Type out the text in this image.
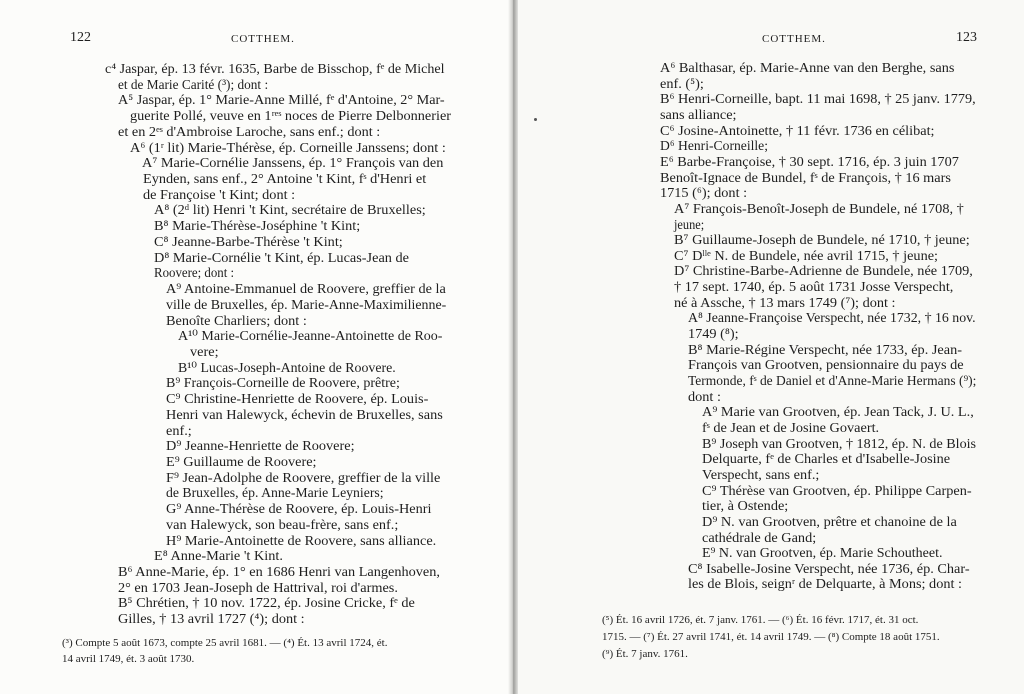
122	COTTHEM.
c⁴ Jaspar, ép. 13 févr. 1635, Barbe de Bisschop, fᵉ de Michel
et de Marie Carité (³); dont :
A⁵ Jaspar, ép. 1° Marie-Anne Millé, fᵉ d'Antoine, 2° Mar-
guerite Pollé, veuve en 1ʳᵉˢ noces de Pierre Delbonnerier
et en 2ᵉˢ d'Ambroise Laroche, sans enf.; dont :
A⁶ (1ʳ lit) Marie-Thérèse, ép. Corneille Janssens; dont :
A⁷ Marie-Cornélie Janssens, ép. 1° François van den
Eynden, sans enf., 2° Antoine 't Kint, fˢ d'Henri et
de Françoise 't Kint; dont :
A⁸ (2ᵈ lit) Henri 't Kint, secrétaire de Bruxelles;
B⁸ Marie-Thérèse-Joséphine 't Kint;
C⁸ Jeanne-Barbe-Thérèse 't Kint;
D⁸ Marie-Cornélie 't Kint, ép. Lucas-Jean de
Roovere; dont :
A⁹ Antoine-Emmanuel de Roovere, greffier de la
ville de Bruxelles, ép. Marie-Anne-Maximilienne-
Benoîte Charliers; dont :
A¹⁰ Marie-Cornélie-Jeanne-Antoinette de Roo-
vere;
B¹⁰ Lucas-Joseph-Antoine de Roovere.
B⁹ François-Corneille de Roovere, prêtre;
C⁹ Christine-Henriette de Roovere, ép. Louis-
Henri van Halewyck, échevin de Bruxelles, sans
enf.;
D⁹ Jeanne-Henriette de Roovere;
E⁹ Guillaume de Roovere;
F⁹ Jean-Adolphe de Roovere, greffier de la ville
de Bruxelles, ép. Anne-Marie Leyniers;
G⁹ Anne-Thérèse de Roovere, ép. Louis-Henri
van Halewyck, son beau-frère, sans enf.;
H⁹ Marie-Antoinette de Roovere, sans alliance.
E⁸ Anne-Marie 't Kint.
B⁶ Anne-Marie, ép. 1° en 1686 Henri van Langenhoven,
2° en 1703 Jean-Joseph de Hattrival, roi d'armes.
B⁵ Chrétien, † 10 nov. 1722, ép. Josine Cricke, fᵉ de
Gilles, † 13 avril 1727 (⁴); dont :
(³) Compte 5 août 1673, compte 25 avril 1681. — (⁴) Ét. 13 avril 1724, ét.
14 avril 1749, ét. 3 août 1730.
COTTHEM.	123
A⁶ Balthasar, ép. Marie-Anne van den Berghe, sans
enf. (⁵);
B⁶ Henri-Corneille, bapt. 11 mai 1698, † 25 janv. 1779,
sans alliance;
C⁶ Josine-Antoinette, † 11 févr. 1736 en célibat;
D⁶ Henri-Corneille;
E⁶ Barbe-Françoise, † 30 sept. 1716, ép. 3 juin 1707
Benoît-Ignace de Bundel, fˢ de François, † 16 mars
1715 (⁶); dont :
A⁷ François-Benoît-Joseph de Bundele, né 1708, †
jeune;
B⁷ Guillaume-Joseph de Bundele, né 1710, † jeune;
C⁷ Dˡˡᵉ N. de Bundele, née avril 1715, † jeune;
D⁷ Christine-Barbe-Adrienne de Bundele, née 1709,
† 17 sept. 1740, ép. 5 août 1731 Josse Verspecht,
né à Assche, † 13 mars 1749 (⁷); dont :
A⁸ Jeanne-Françoise Verspecht, née 1732, † 16 nov.
1749 (⁸);
B⁸ Marie-Régine Verspecht, née 1733, ép. Jean-
François van Grootven, pensionnaire du pays de
Termonde, fˢ de Daniel et d'Anne-Marie Hermans (⁹);
dont :
A⁹ Marie van Grootven, ép. Jean Tack, J. U. L.,
fˢ de Jean et de Josine Govaert.
B⁹ Joseph van Grootven, † 1812, ép. N. de Blois
Delquarte, fᵉ de Charles et d'Isabelle-Josine
Verspecht, sans enf.;
C⁹ Thérèse van Grootven, ép. Philippe Carpen-
tier, à Ostende;
D⁹ N. van Grootven, prêtre et chanoine de la
cathédrale de Gand;
E⁹ N. van Grootven, ép. Marie Schoutheet.
C⁸ Isabelle-Josine Verspecht, née 1736, ép. Char-
les de Blois, seignʳ de Delquarte, à Mons; dont :
(⁵) Ét. 16 avril 1726, ét. 7 janv. 1761. — (⁶) Ét. 16 févr. 1717, ét. 31 oct.
1715. — (⁷) Ét. 27 avril 1741, ét. 14 avril 1749. — (⁸) Compte 18 août 1751.
(⁹) Ét. 7 janv. 1761.
